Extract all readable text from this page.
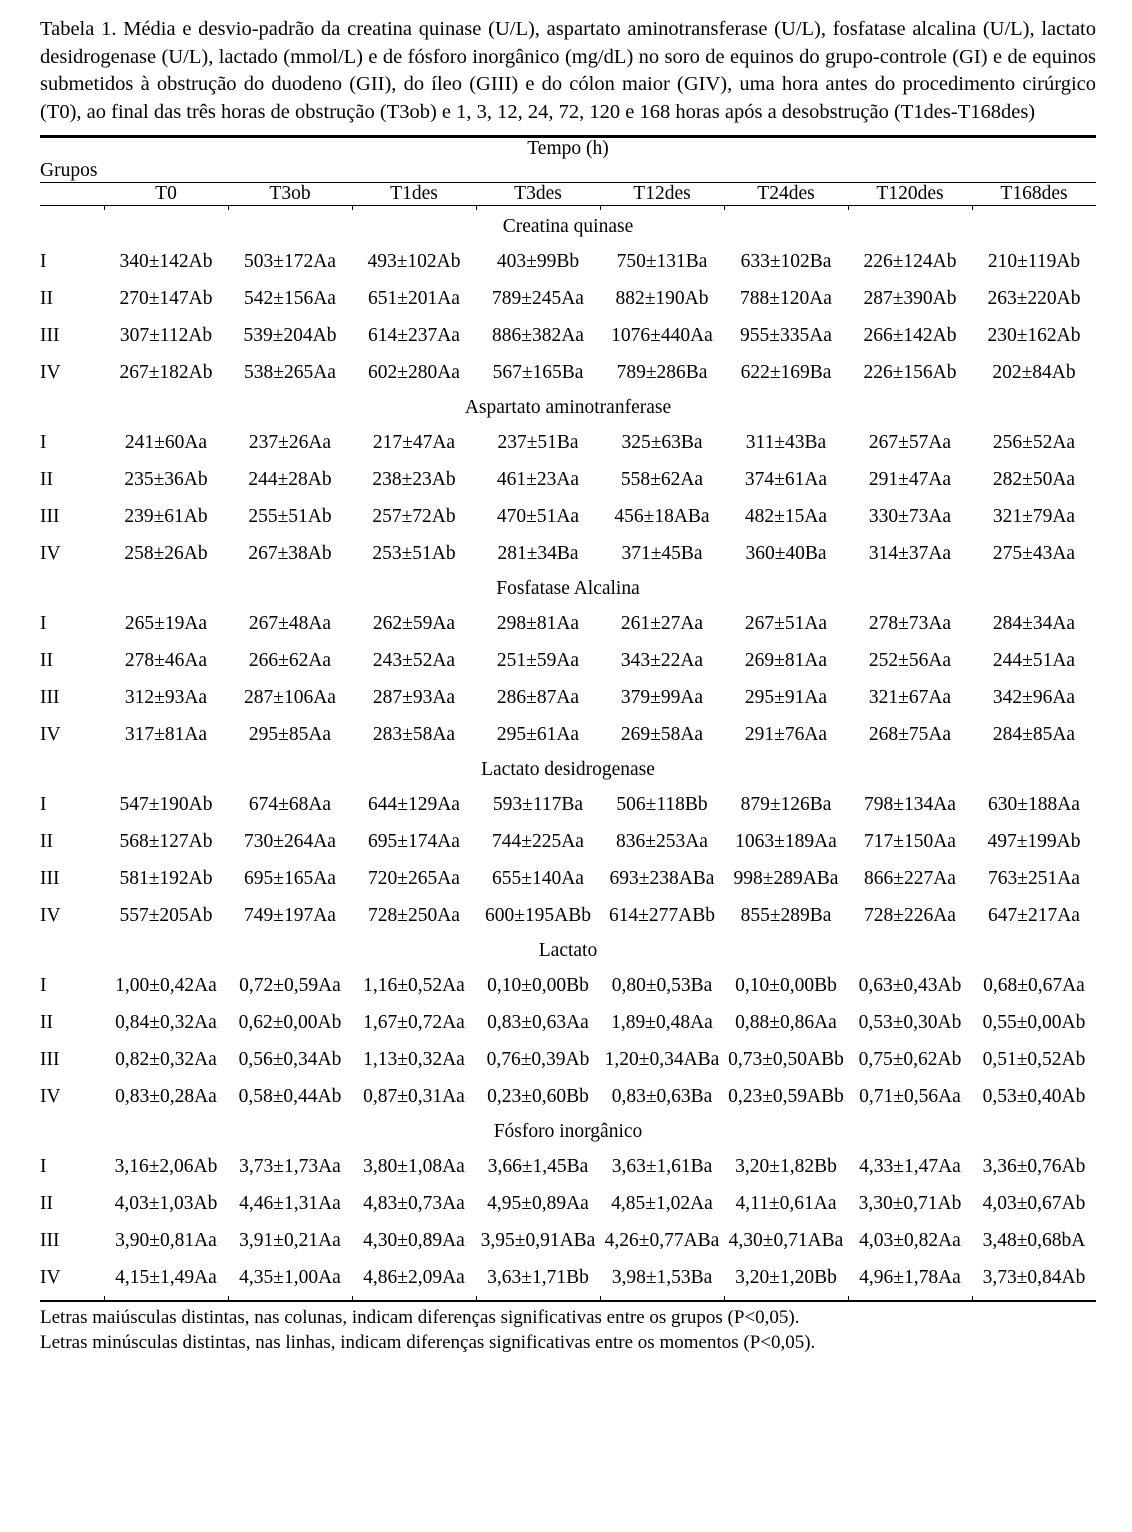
Tabela 1. Média e desvio-padrão da creatina quinase (U/L), aspartato aminotransferase (U/L), fosfatase alcalina (U/L), lactato desidrogenase (U/L), lactado (mmol/L) e de fósforo inorgânico (mg/dL) no soro de equinos do grupo-controle (GI) e de equinos submetidos à obstrução do duodeno (GII), do íleo (GIII) e do cólon maior (GIV), uma hora antes do procedimento cirúrgico (T0), ao final das três horas de obstrução (T3ob) e 1, 3, 12, 24, 72, 120 e 168 horas após a desobstrução (T1des-T168des)

Tempo (h)								
Grupos								

	T0	T3ob	T1des	T3des	T12des	T24des	T120des	T168des

Creatina quinase								
I	340±142Ab	503±172Aa	493±102Ab	403±99Bb	750±131Ba	633±102Ba	226±124Ab	210±119Ab
II	270±147Ab	542±156Aa	651±201Aa	789±245Aa	882±190Ab	788±120Aa	287±390Ab	263±220Ab
III	307±112Ab	539±204Ab	614±237Aa	886±382Aa	1076±440Aa	955±335Aa	266±142Ab	230±162Ab
IV	267±182Ab	538±265Aa	602±280Aa	567±165Ba	789±286Ba	622±169Ba	226±156Ab	202±84Ab
Aspartato aminotranferase								
I	241±60Aa	237±26Aa	217±47Aa	237±51Ba	325±63Ba	311±43Ba	267±57Aa	256±52Aa
II	235±36Ab	244±28Ab	238±23Ab	461±23Aa	558±62Aa	374±61Aa	291±47Aa	282±50Aa
III	239±61Ab	255±51Ab	257±72Ab	470±51Aa	456±18ABa	482±15Aa	330±73Aa	321±79Aa
IV	258±26Ab	267±38Ab	253±51Ab	281±34Ba	371±45Ba	360±40Ba	314±37Aa	275±43Aa
Fosfatase Alcalina								
I	265±19Aa	267±48Aa	262±59Aa	298±81Aa	261±27Aa	267±51Aa	278±73Aa	284±34Aa
II	278±46Aa	266±62Aa	243±52Aa	251±59Aa	343±22Aa	269±81Aa	252±56Aa	244±51Aa
III	312±93Aa	287±106Aa	287±93Aa	286±87Aa	379±99Aa	295±91Aa	321±67Aa	342±96Aa
IV	317±81Aa	295±85Aa	283±58Aa	295±61Aa	269±58Aa	291±76Aa	268±75Aa	284±85Aa
Lactato desidrogenase								
I	547±190Ab	674±68Aa	644±129Aa	593±117Ba	506±118Bb	879±126Ba	798±134Aa	630±188Aa
II	568±127Ab	730±264Aa	695±174Aa	744±225Aa	836±253Aa	1063±189Aa	717±150Aa	497±199Ab
III	581±192Ab	695±165Aa	720±265Aa	655±140Aa	693±238ABa	998±289ABa	866±227Aa	763±251Aa
IV	557±205Ab	749±197Aa	728±250Aa	600±195ABb	614±277ABb	855±289Ba	728±226Aa	647±217Aa
Lactato								
I	1,00±0,42Aa	0,72±0,59Aa	1,16±0,52Aa	0,10±0,00Bb	0,80±0,53Ba	0,10±0,00Bb	0,63±0,43Ab	0,68±0,67Aa
II	0,84±0,32Aa	0,62±0,00Ab	1,67±0,72Aa	0,83±0,63Aa	1,89±0,48Aa	0,88±0,86Aa	0,53±0,30Ab	0,55±0,00Ab
III	0,82±0,32Aa	0,56±0,34Ab	1,13±0,32Aa	0,76±0,39Ab	1,20±0,34ABa	0,73±0,50ABb	0,75±0,62Ab	0,51±0,52Ab
IV	0,83±0,28Aa	0,58±0,44Ab	0,87±0,31Aa	0,23±0,60Bb	0,83±0,63Ba	0,23±0,59ABb	0,71±0,56Aa	0,53±0,40Ab
Fósforo inorgânico								
I	3,16±2,06Ab	3,73±1,73Aa	3,80±1,08Aa	3,66±1,45Ba	3,63±1,61Ba	3,20±1,82Bb	4,33±1,47Aa	3,36±0,76Ab
II	4,03±1,03Ab	4,46±1,31Aa	4,83±0,73Aa	4,95±0,89Aa	4,85±1,02Aa	4,11±0,61Aa	3,30±0,71Ab	4,03±0,67Ab
III	3,90±0,81Aa	3,91±0,21Aa	4,30±0,89Aa	3,95±0,91ABa	4,26±0,77ABa	4,30±0,71ABa	4,03±0,82Aa	3,48±0,68bA
IV	4,15±1,49Aa	4,35±1,00Aa	4,86±2,09Aa	3,63±1,71Bb	3,98±1,53Ba	3,20±1,20Bb	4,96±1,78Aa	3,73±0,84Ab

Letras maiúsculas distintas, nas colunas, indicam diferenças significativas entre os grupos (P<0,05).

Letras minúsculas distintas, nas linhas, indicam diferenças significativas entre os momentos (P<0,05).
